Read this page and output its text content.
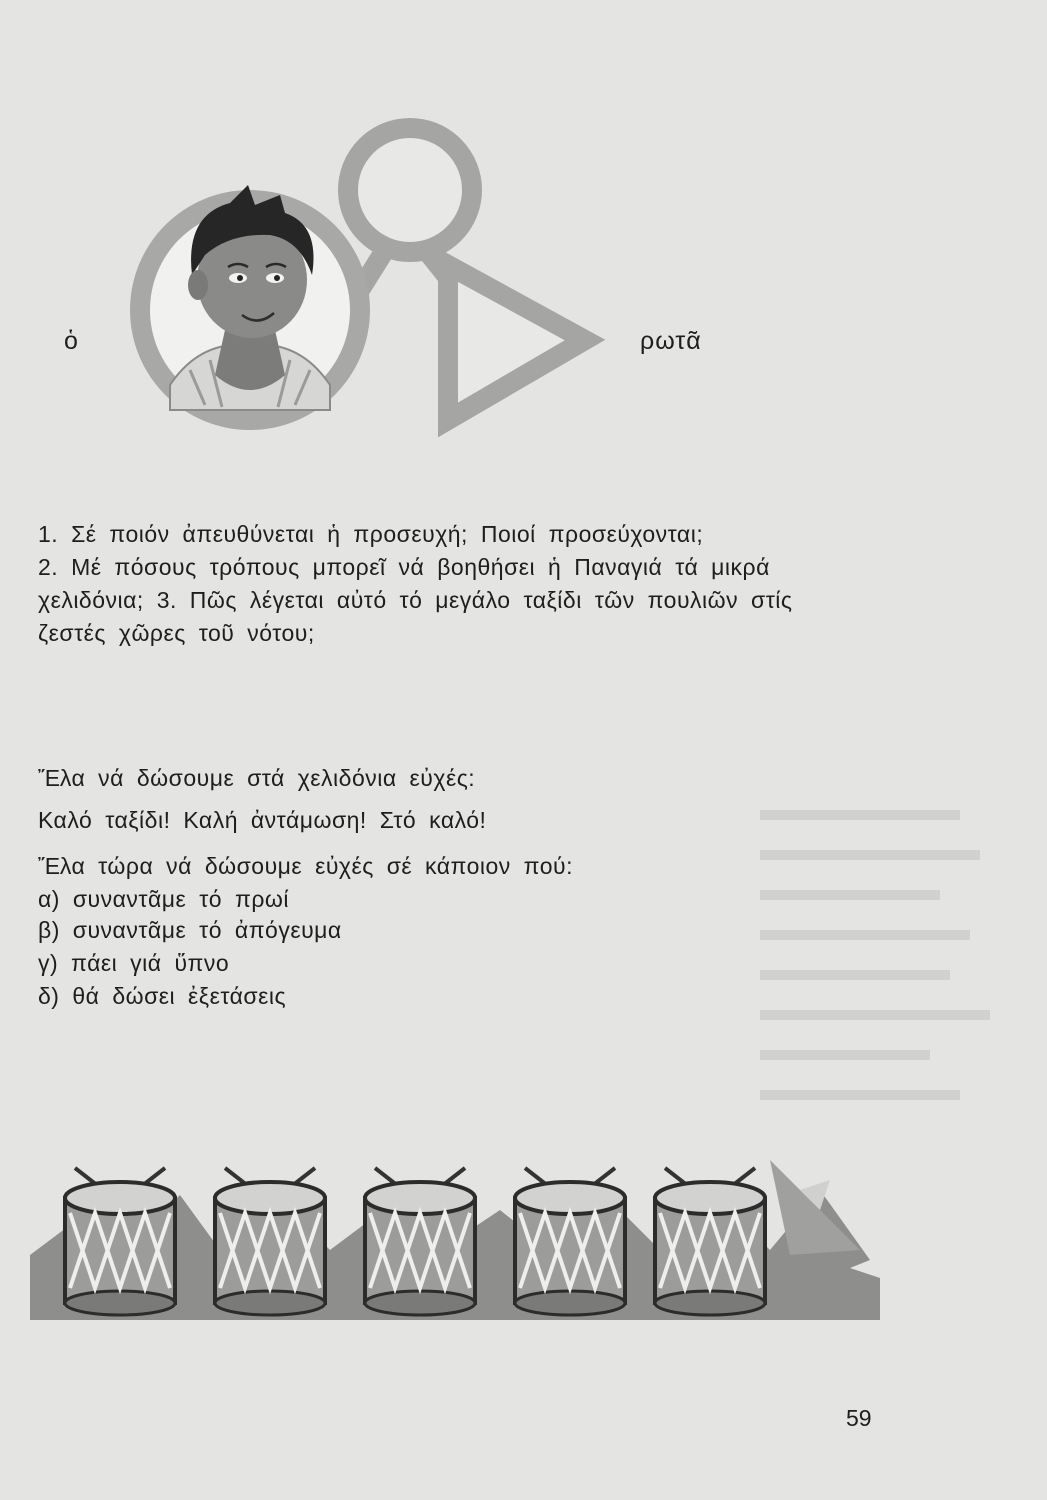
ὁ	ρωτᾶ
1. Σέ ποιόν ἀπευθύνεται ἡ προσευχή; Ποιοί προσεύχονται;
2. Μέ πόσους τρόπους μπορεῖ νά βοηθήσει ἡ Παναγιά τά μικρά
χελιδόνια; 3. Πῶς λέγεται αὐτό τό μεγάλο ταξίδι τῶν πουλιῶν στίς
ζεστές χῶρες τοῦ νότου;
Ἔλα νά δώσουμε στά χελιδόνια εὐχές:
Καλό ταξίδι! Καλή ἀντάμωση! Στό καλό!
Ἔλα τώρα νά δώσουμε εὐχές σέ κάποιον πού:
α) συναντᾶμε τό πρωί
β) συναντᾶμε τό ἀπόγευμα
γ) πάει γιά ὕπνο
δ) θά δώσει ἐξετάσεις
59
